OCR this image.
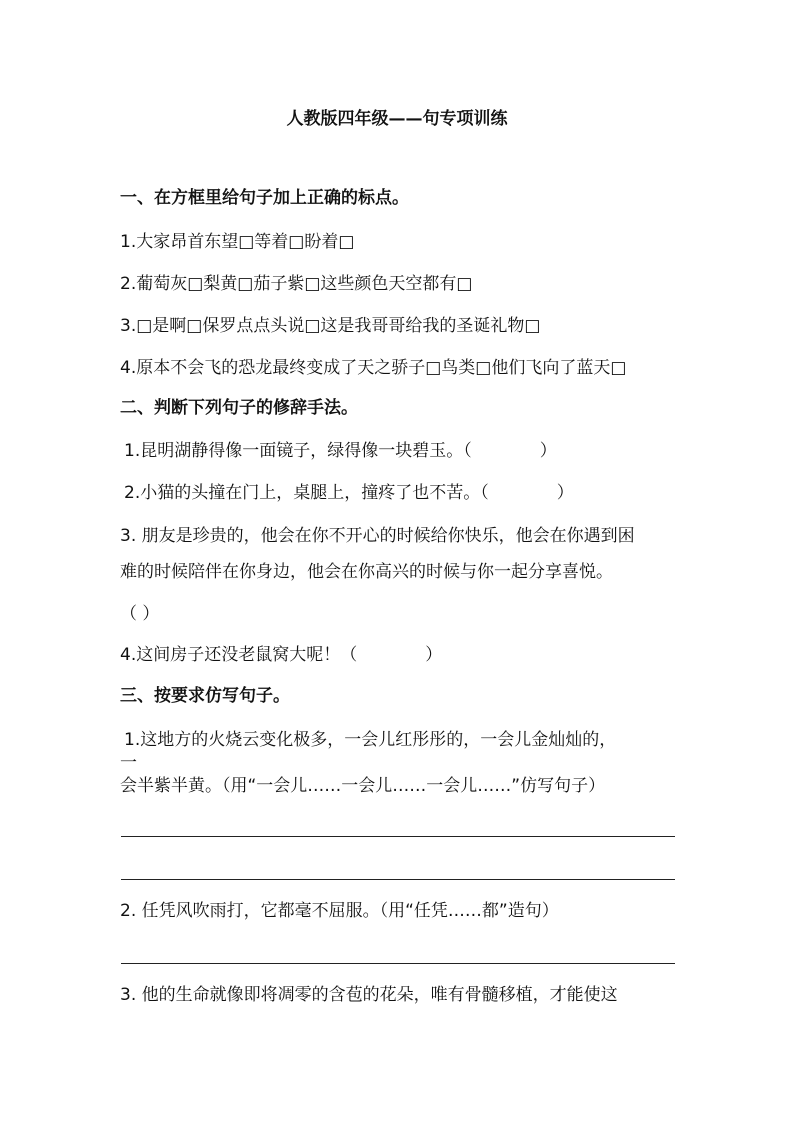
人教版四年级——句专项训练
一、在方框里给句子加上正确的标点。
1.大家昂首东望□等着□盼着□
2.葡萄灰□梨黄□茄子紫□这些颜色天空都有□
3.□是啊□保罗点点头说□这是我哥哥给我的圣诞礼物□
4.原本不会飞的恐龙最终变成了天之骄子□鸟类□他们飞向了蓝天□
二、判断下列句子的修辞手法。
1.昆明湖静得像一面镜子，绿得像一块碧玉。（　　　　）
2.小猫的头撞在门上，桌腿上，撞疼了也不苦。（　　　　）
3. 朋友是珍贵的，他会在你不开心的时候给你快乐，他会在你遇到困
难的时候陪伴在你身边，他会在你高兴的时候与你一起分享喜悦。
（ ）
4.这间房子还没老鼠窝大呢！（　　　　）
三、按要求仿写句子。
1.这地方的火烧云变化极多，一会儿红彤彤的，一会儿金灿灿的，
一
会半紫半黄。（用“一会儿……一会儿……一会儿……”仿写句子）
2. 任凭风吹雨打，它都毫不屈服。（用“任凭……都”造句）
3. 他的生命就像即将凋零的含苞的花朵，唯有骨髓移植，才能使这
